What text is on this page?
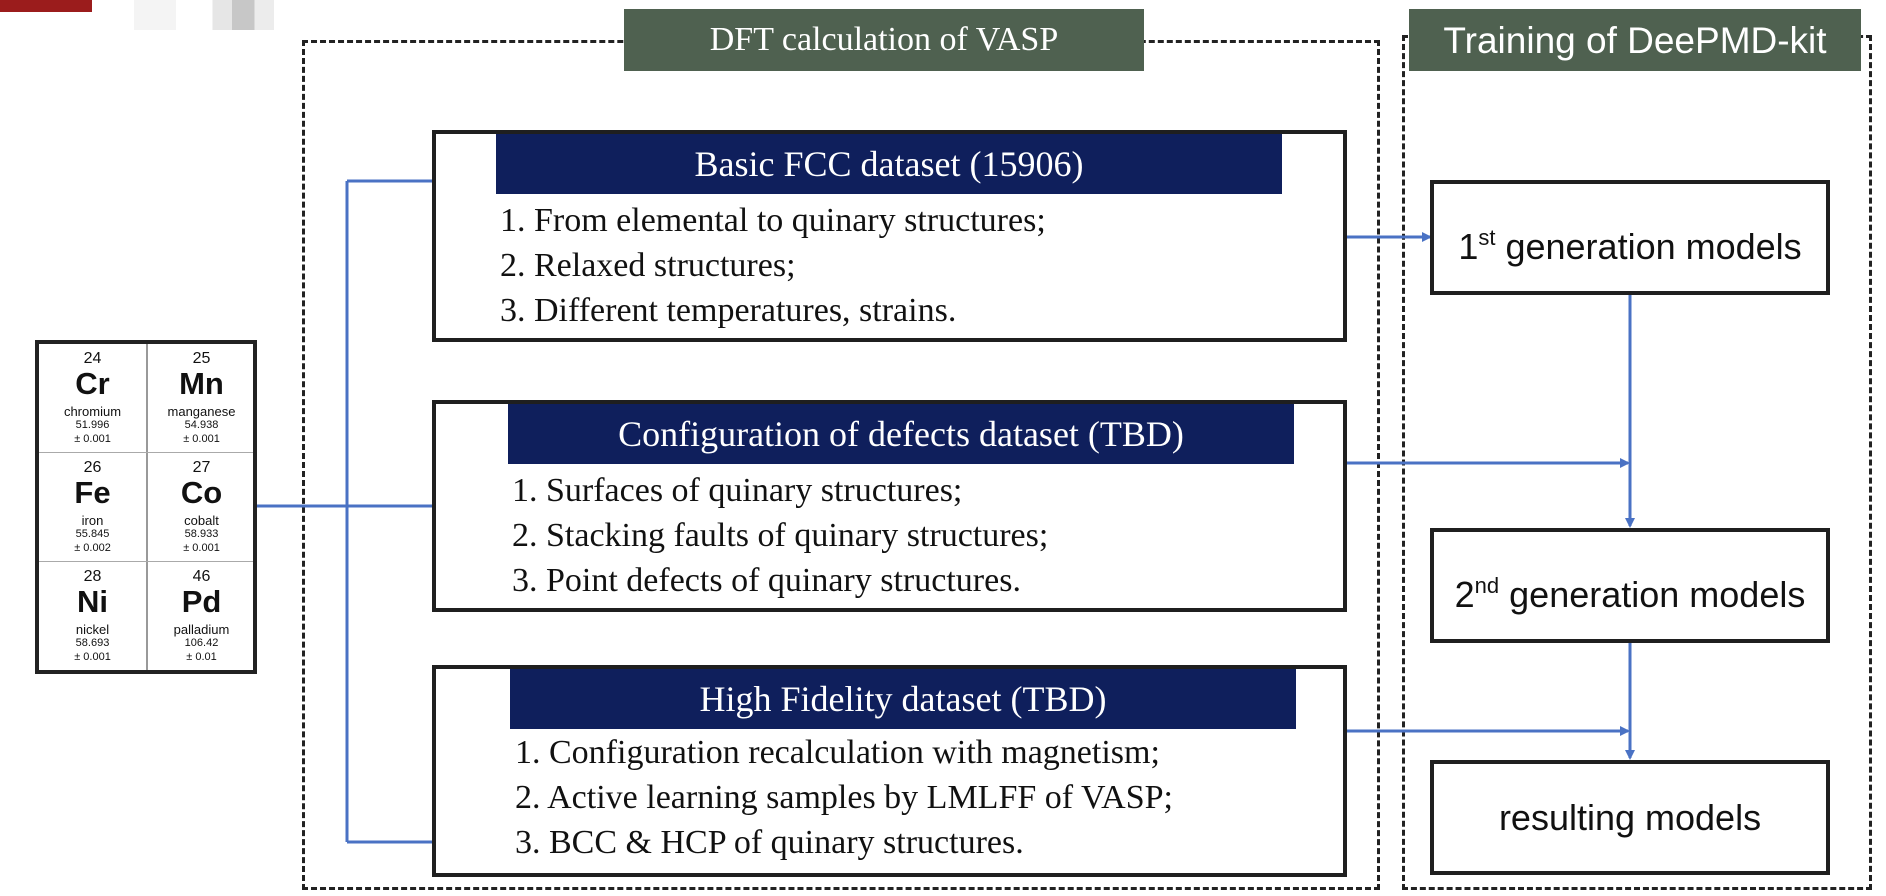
DFT calculation of VASP	Training of DeePMD-kit
Basic FCC dataset (15906)
1. From elemental to quinary structures;
2. Relaxed structures;
3. Different temperatures, strains.
Configuration of defects dataset (TBD)
1. Surfaces of quinary structures;
2. Stacking faults of quinary structures;
3. Point defects of quinary structures.
High Fidelity dataset (TBD)
1. Configuration recalculation with magnetism;
2. Active learning samples by LMLFF of VASP;
3. BCC & HCP of quinary structures.
1st generation models
2nd generation models
resulting models
24
Cr
chromium
51.996
± 0.001
25
Mn
manganese
54.938
± 0.001
26
Fe
iron
55.845
± 0.002
27
Co
cobalt
58.933
± 0.001
28
Ni
nickel
58.693
± 0.001
46
Pd
palladium
106.42
± 0.01
